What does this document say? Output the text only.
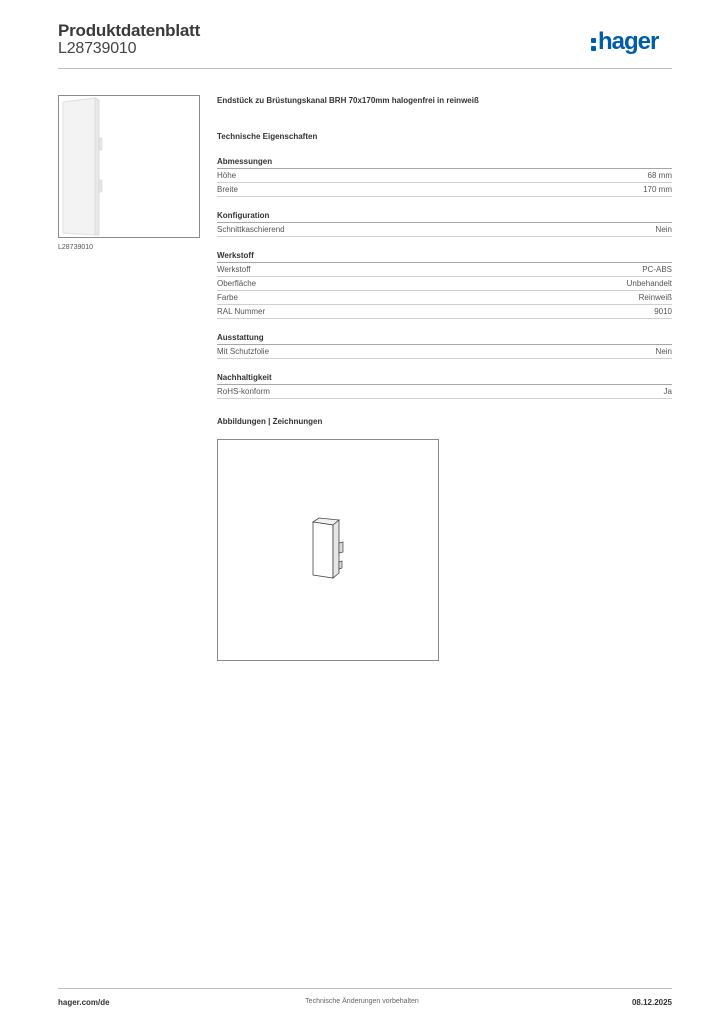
Produktdatenblatt
L28739010	hager
L28739010
Endstück zu Brüstungskanal BRH 70x170mm halogenfrei in reinweiß
Technische Eigenschaften
Abmessungen
Höhe	68 mm
Breite	170 mm
Konfiguration
Schnittkaschierend	Nein
Werkstoff
Werkstoff	PC-ABS
Oberfläche	Unbehandelt
Farbe	Reinweiß
RAL Nummer	9010
Ausstattung
Mit Schutzfolie	Nein
Nachhaltigkeit
RoHS-konform	Ja
Abbildungen | Zeichnungen
hager.com/de	Technische Änderungen vorbehalten	08.12.2025
